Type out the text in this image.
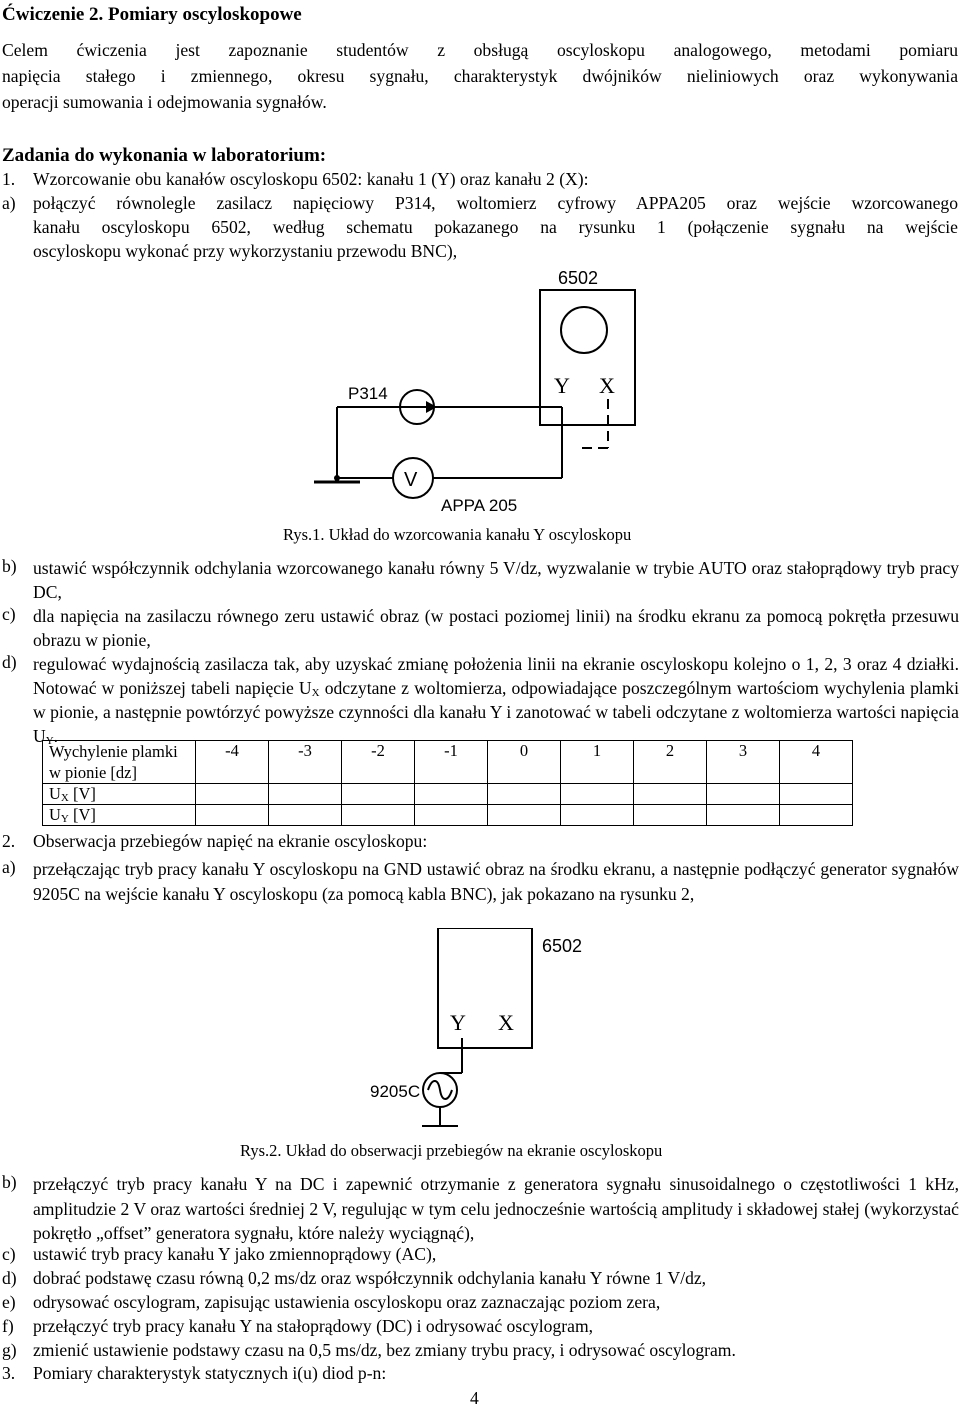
Ćwiczenie 2. Pomiary oscyloskopowe
Celem ćwiczenia jest zapoznanie studentów z obsługą oscyloskopu analogowego, metodami pomiaru
napięcia stałego i zmiennego, okresu sygnału, charakterystyk dwójników nieliniowych oraz wykonywania
operacji sumowania i odejmowania sygnałów.
Zadania do wykonania w laboratorium:
1. Wzorcowanie obu kanałów oscyloskopu 6502: kanału 1 (Y) oraz kanału 2 (X):
a) połączyć równolegle zasilacz napięciowy P314, woltomierz cyfrowy APPA205 oraz wejście wzorcowanego
kanału oscyloskopu 6502, według schematu pokazanego na rysunku 1 (połączenie sygnału na wejście
oscyloskopu wykonać przy wykorzystaniu przewodu BNC),
6502
Y X
P314
V
APPA 205
Rys.1. Układ do wzorcowania kanału Y oscyloskopu
b) ustawić współczynnik odchylania wzorcowanego kanału równy 5 V/dz, wyzwalanie w trybie AUTO oraz stałoprądowy tryb pracy DC,
c) dla napięcia na zasilaczu równego zeru ustawić obraz (w postaci poziomej linii) na środku ekranu za pomocą pokrętła przesuwu obrazu w pionie,
d) regulować wydajnością zasilacza tak, aby uzyskać zmianę położenia linii na ekranie oscyloskopu kolejno o 1, 2, 3 oraz 4 działki. Notować w poniższej tabeli napięcie $U_X$ odczytane z woltomierza, odpowiadające poszczególnym wartościom wychylenia plamki w pionie, a następnie powtórzyć powyższe czynności dla kanału Y i zanotować w tabeli odczytane z woltomierza wartości napięcia $U_Y$.
Wychylenie plamki w pionie [dz]	-4	-3	-2	-1	0	1	2	3	4
$U_X$ [V]									
$U_Y$ [V]									
2. Obserwacja przebiegów napięć na ekranie oscyloskopu:
a) przełączając tryb pracy kanału Y oscyloskopu na GND ustawić obraz na środku ekranu, a następnie podłączyć generator sygnałów 9205C na wejście kanału Y oscyloskopu (za pomocą kabla BNC), jak pokazano na rysunku 2,
6502
Y X
9205C
Rys.2. Układ do obserwacji przebiegów na ekranie oscyloskopu
b) przełączyć tryb pracy kanału Y na DC i zapewnić otrzymanie z generatora sygnału sinusoidalnego o częstotliwości 1 kHz, amplitudzie 2 V oraz wartości średniej 2 V, regulując w tym celu jednocześnie wartością amplitudy i składowej stałej (wykorzystać pokrętło „offset” generatora sygnału, które należy wyciągnąć),
c) ustawić tryb pracy kanału Y jako zmiennoprądowy (AC),
d) dobrać podstawę czasu równą 0,2 ms/dz oraz współczynnik odchylania kanału Y równe 1 V/dz,
e) odrysować oscylogram, zapisując ustawienia oscyloskopu oraz zaznaczając poziom zera,
f) przełączyć tryb pracy kanału Y na stałoprądowy (DC) i odrysować oscylogram,
g) zmienić ustawienie podstawy czasu na 0,5 ms/dz, bez zmiany trybu pracy, i odrysować oscylogram.
3. Pomiary charakterystyk statycznych i(u) diod p-n:
4
